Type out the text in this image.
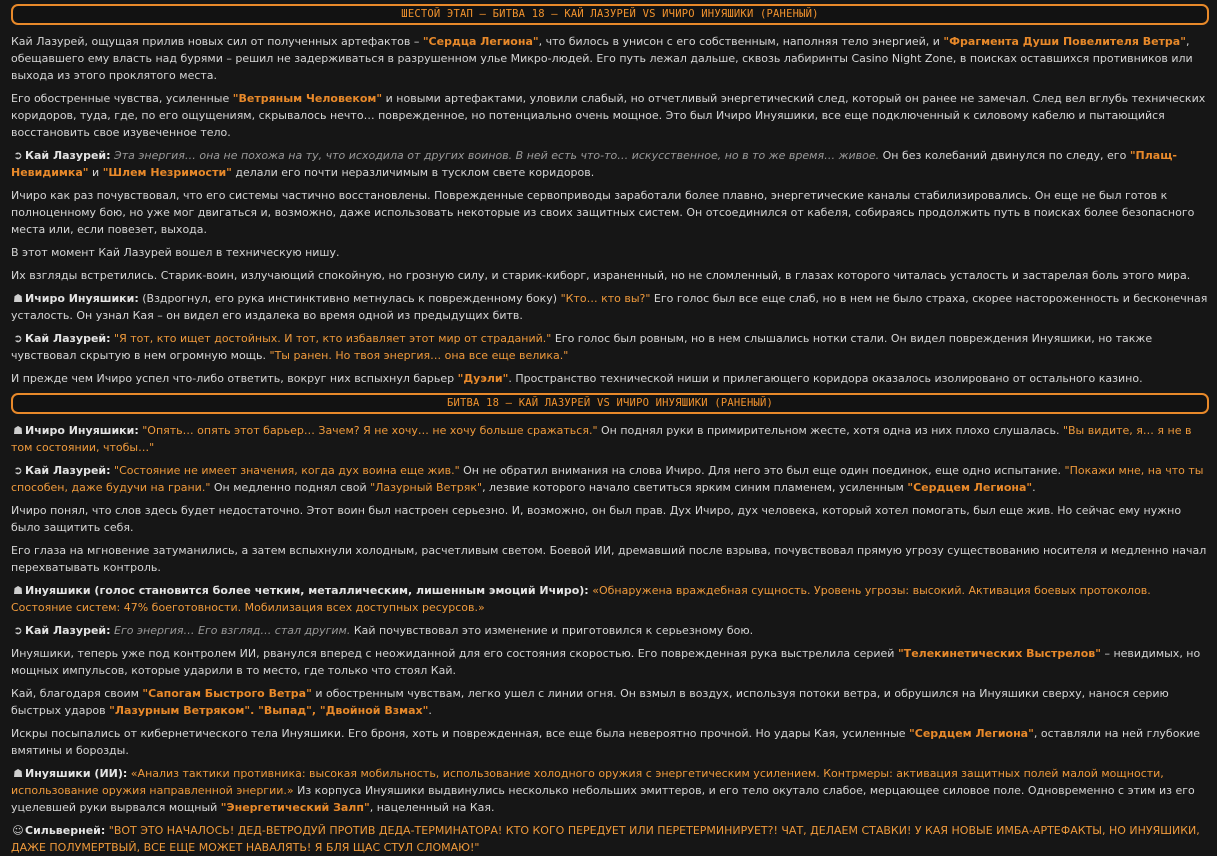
ШЕСТОЙ ЭТАП – БИТВА 18 – КАЙ ЛАЗУРЕЙ VS ИЧИРО ИНУЯШИКИ (РАНЕНЫЙ)

Кай Лазурей, ощущая прилив новых сил от полученных артефактов – "Сердца Легиона", что билось в унисон с его собственным, наполняя тело энергией, и "Фрагмента Души Повелителя Ветра", обещавшего ему власть над бурями – решил не задерживаться в разрушенном улье Микро-людей. Его путь лежал дальше, сквозь лабиринты Casino Night Zone, в поисках оставшихся противников или выхода из этого проклятого места.

Его обостренные чувства, усиленные "Ветряным Человеком" и новыми артефактами, уловили слабый, но отчетливый энергетический след, который он ранее не замечал. След вел вглубь технических коридоров, туда, где, по его ощущениям, скрывалось нечто… поврежденное, но потенциально очень мощное. Это был Ичиро Инуяшики, все еще подключенный к силовому кабелю и пытающийся восстановить свое изувеченное тело.

➲ Кай Лазурей: Эта энергия… она не похожа на ту, что исходила от других воинов. В ней есть что-то… искусственное, но в то же время… живое. Он без колебаний двинулся по следу, его "Плащ-Невидимка" и "Шлем Незримости" делали его почти неразличимым в тусклом свете коридоров.

Ичиро как раз почувствовал, что его системы частично восстановлены. Поврежденные сервоприводы заработали более плавно, энергетические каналы стабилизировались. Он еще не был готов к полноценному бою, но уже мог двигаться и, возможно, даже использовать некоторые из своих защитных систем. Он отсоединился от кабеля, собираясь продолжить путь в поисках более безопасного места или, если повезет, выхода.

В этот момент Кай Лазурей вошел в техническую нишу.

Их взгляды встретились. Старик-воин, излучающий спокойную, но грозную силу, и старик-киборг, израненный, но не сломленный, в глазах которого читалась усталость и застарелая боль этого мира.

☗ Ичиро Инуяшики: (Вздрогнул, его рука инстинктивно метнулась к поврежденному боку) "Кто… кто вы?" Его голос был все еще слаб, но в нем не было страха, скорее настороженность и бесконечная усталость. Он узнал Кая – он видел его издалека во время одной из предыдущих битв.

➲ Кай Лазурей: "Я тот, кто ищет достойных. И тот, кто избавляет этот мир от страданий." Его голос был ровным, но в нем слышались нотки стали. Он видел повреждения Инуяшики, но также чувствовал скрытую в нем огромную мощь. "Ты ранен. Но твоя энергия… она все еще велика."

И прежде чем Ичиро успел что-либо ответить, вокруг них вспыхнул барьер "Дуэли". Пространство технической ниши и прилегающего коридора оказалось изолировано от остального казино.

БИТВА 18 – КАЙ ЛАЗУРЕЙ VS ИЧИРО ИНУЯШИКИ (РАНЕНЫЙ)

☗ Ичиро Инуяшики: "Опять… опять этот барьер… Зачем? Я не хочу… не хочу больше сражаться." Он поднял руки в примирительном жесте, хотя одна из них плохо слушалась. "Вы видите, я… я не в том состоянии, чтобы…"

➲ Кай Лазурей: "Состояние не имеет значения, когда дух воина еще жив." Он не обратил внимания на слова Ичиро. Для него это был еще один поединок, еще одно испытание. "Покажи мне, на что ты способен, даже будучи на грани." Он медленно поднял свой "Лазурный Ветряк", лезвие которого начало светиться ярким синим пламенем, усиленным "Сердцем Легиона".

Ичиро понял, что слов здесь будет недостаточно. Этот воин был настроен серьезно. И, возможно, он был прав. Дух Ичиро, дух человека, который хотел помогать, был еще жив. Но сейчас ему нужно было защитить себя.

Его глаза на мгновение затуманились, а затем вспыхнули холодным, расчетливым светом. Боевой ИИ, дремавший после взрыва, почувствовал прямую угрозу существованию носителя и медленно начал перехватывать контроль.

☗ Инуяшики (голос становится более четким, металлическим, лишенным эмоций Ичиро): «Обнаружена враждебная сущность. Уровень угрозы: высокий. Активация боевых протоколов. Состояние систем: 47% боеготовности. Мобилизация всех доступных ресурсов.»

➲ Кай Лазурей: Его энергия… Его взгляд… стал другим. Кай почувствовал это изменение и приготовился к серьезному бою.

Инуяшики, теперь уже под контролем ИИ, рванулся вперед с неожиданной для его состояния скоростью. Его поврежденная рука выстрелила серией "Телекинетических Выстрелов" – невидимых, но мощных импульсов, которые ударили в то место, где только что стоял Кай.

Кай, благодаря своим "Сапогам Быстрого Ветра" и обостренным чувствам, легко ушел с линии огня. Он взмыл в воздух, используя потоки ветра, и обрушился на Инуяшики сверху, нанося серию быстрых ударов "Лазурным Ветряком". "Выпад", "Двойной Взмах".

Искры посыпались от кибернетического тела Инуяшики. Его броня, хоть и поврежденная, все еще была невероятно прочной. Но удары Кая, усиленные "Сердцем Легиона", оставляли на ней глубокие вмятины и борозды.

☗ Инуяшики (ИИ): «Анализ тактики противника: высокая мобильность, использование холодного оружия с энергетическим усилением. Контрмеры: активация защитных полей малой мощности, использование оружия направленной энергии.» Из корпуса Инуяшики выдвинулись несколько небольших эмиттеров, и его тело окутало слабое, мерцающее силовое поле. Одновременно с этим из его уцелевшей руки вырвался мощный "Энергетический Залп", нацеленный на Кая.

☺Сильверней: "ВОТ ЭТО НАЧАЛОСЬ! ДЕД-ВЕТРОДУЙ ПРОТИВ ДЕДА-ТЕРМИНАТОРА! КТО КОГО ПЕРЕДУЕТ ИЛИ ПЕРЕТЕРМИНИРУЕТ?! ЧАТ, ДЕЛАЕМ СТАВКИ! У КАЯ НОВЫЕ ИМБА-АРТЕФАКТЫ, НО ИНУЯШИКИ, ДАЖЕ ПОЛУМЕРТВЫЙ, ВСЕ ЕЩЕ МОЖЕТ НАВАЛЯТЬ! Я БЛЯ ЩАС СТУЛ СЛОМАЮ!"
